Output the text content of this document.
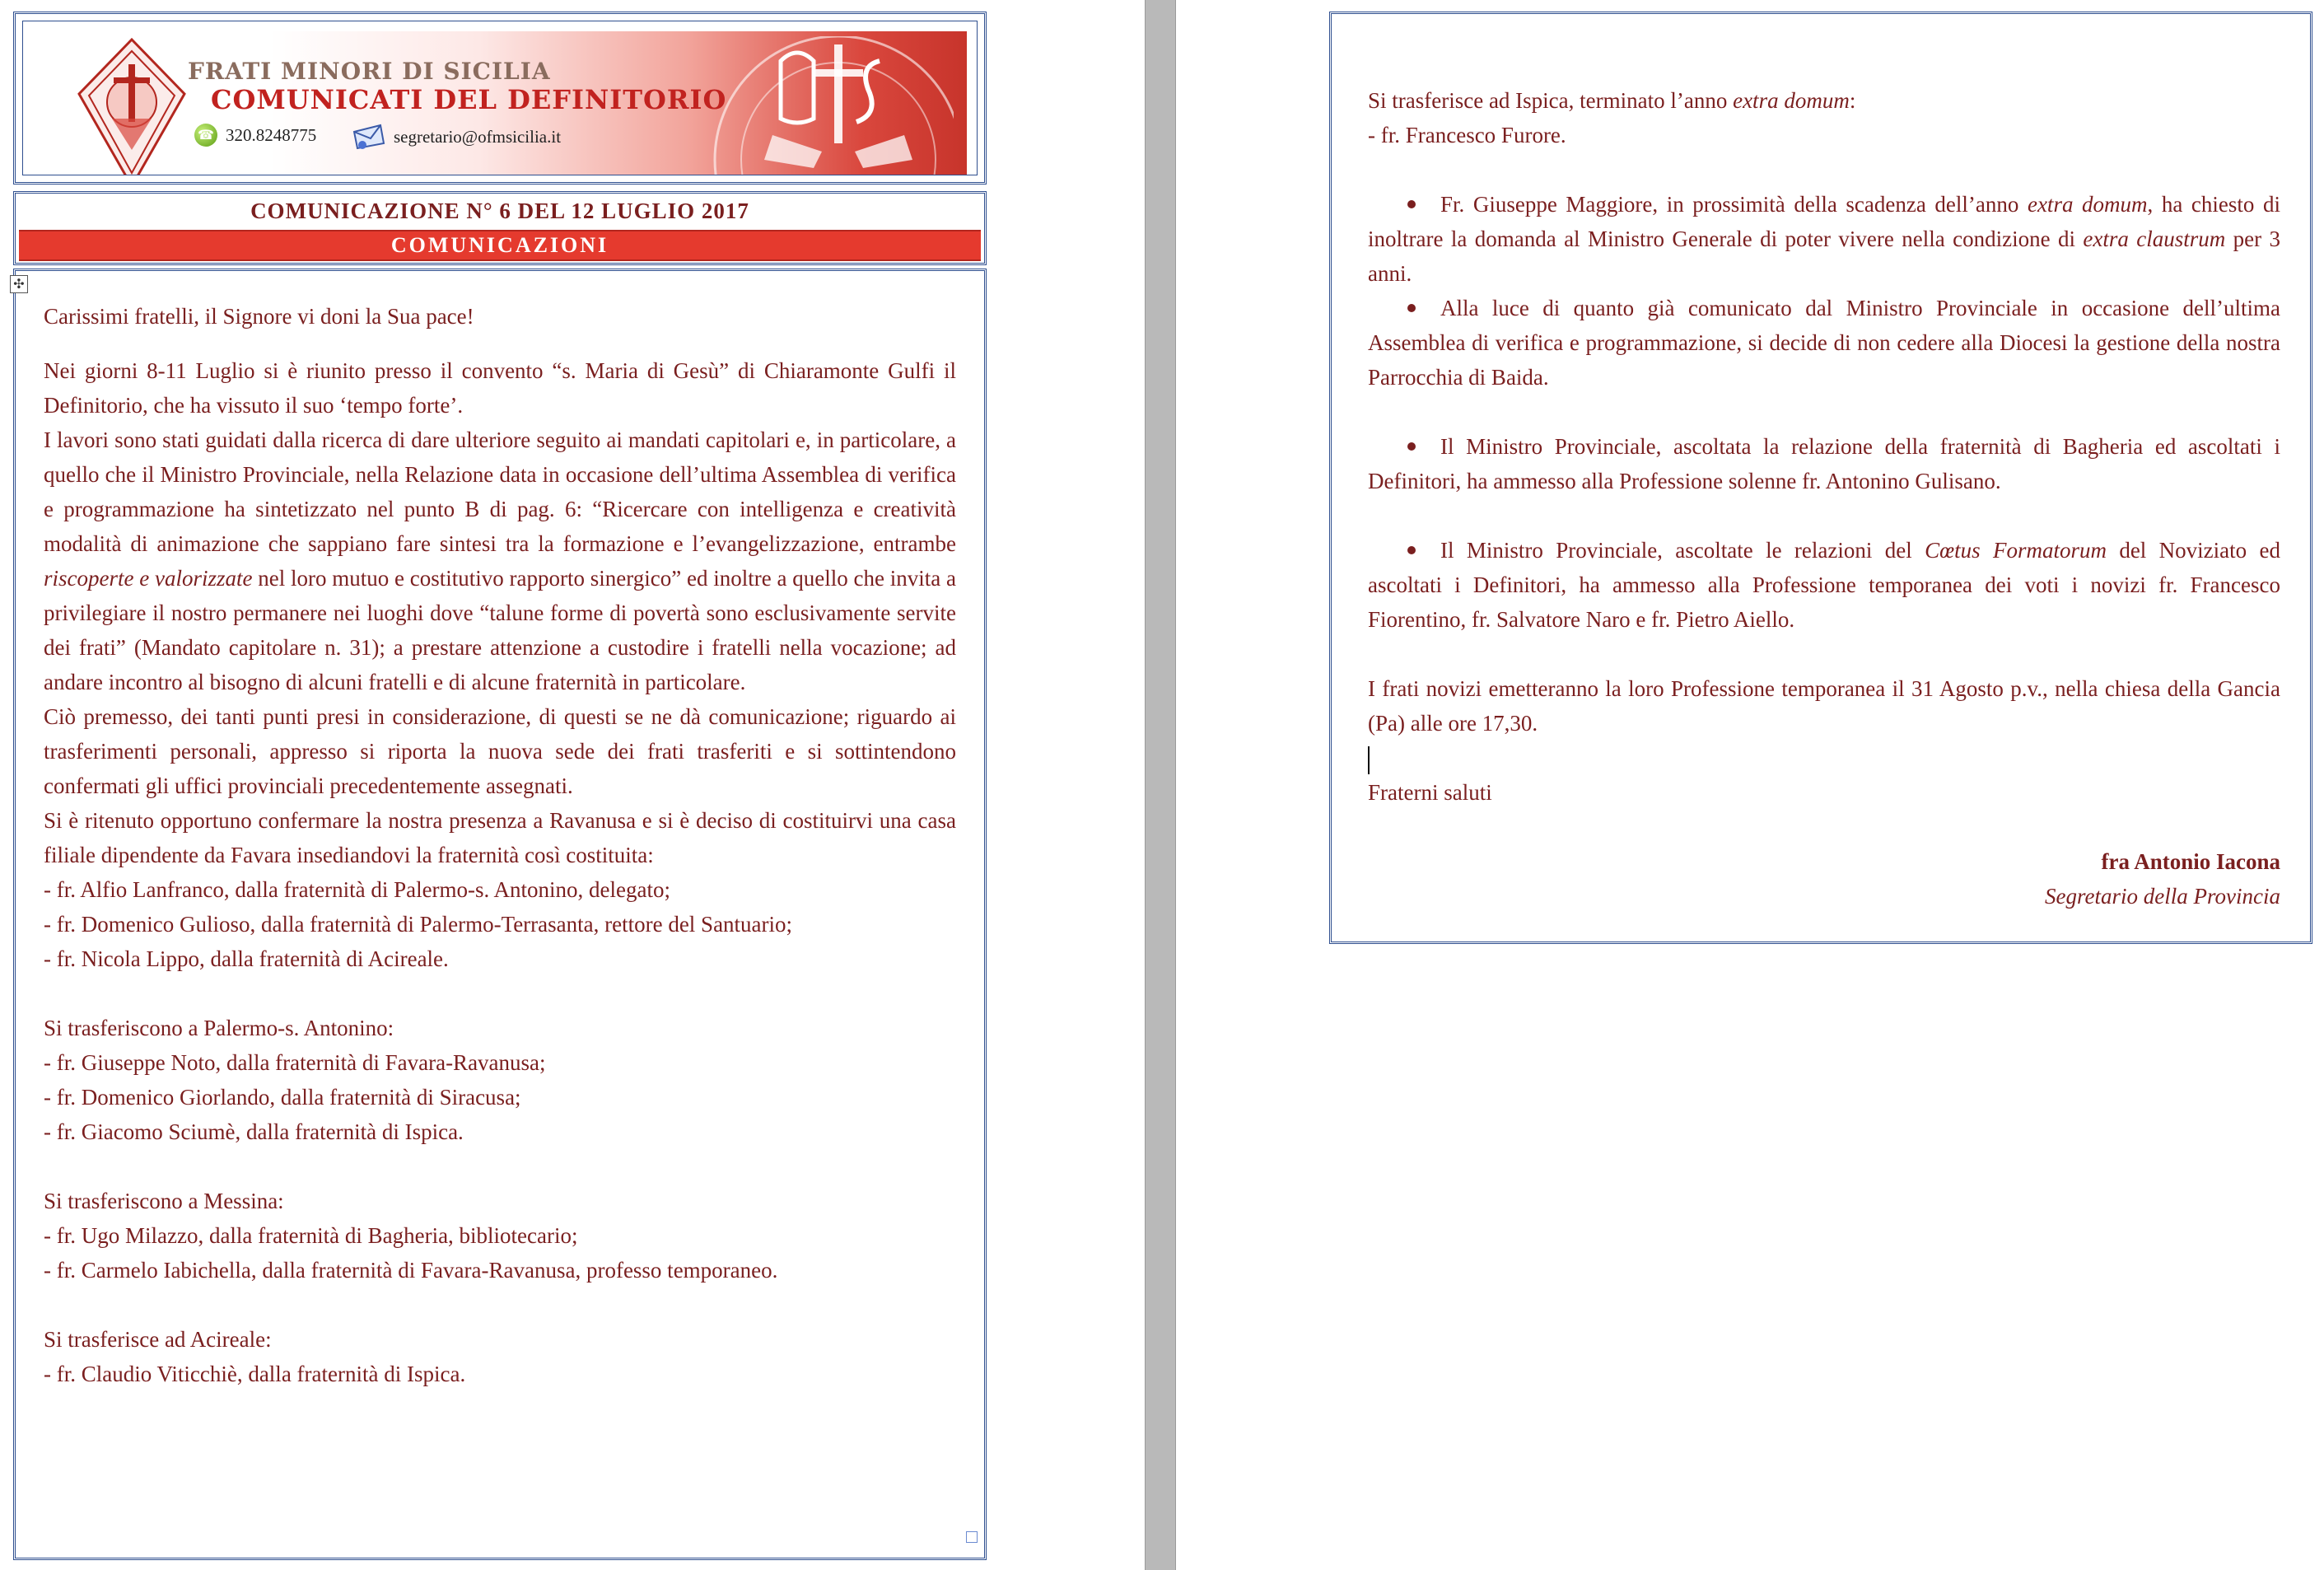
FRATI MINORI DI SICILIA
COMUNICATI DEL DEFINITORIO
☎ 320.8248775	segretario@ofmsicilia.it
COMUNICAZIONE N° 6 DEL 12 LUGLIO 2017
COMUNICAZIONI

Carissimi fratelli, il Signore vi doni la Sua pace!

Nei giorni 8-11 Luglio si è riunito presso il convento “s. Maria di Gesù” di Chiaramonte Gulfi il Definitorio, che ha vissuto il suo ‘tempo forte’.

I lavori sono stati guidati dalla ricerca di dare ulteriore seguito ai mandati capitolari e, in particolare, a quello che il Ministro Provinciale, nella Relazione data in occasione dell’ultima Assemblea di verifica e programmazione ha sintetizzato nel punto B di pag. 6: “Ricercare con intelligenza e creatività modalità di animazione che sappiano fare sintesi tra la formazione e l’evangelizzazione, entrambe riscoperte e valorizzate nel loro mutuo e costitutivo rapporto sinergico” ed inoltre a quello che invita a privilegiare il nostro permanere nei luoghi dove “talune forme di povertà sono esclusivamente servite dei frati” (Mandato capitolare n. 31); a prestare attenzione a custodire i fratelli nella vocazione; ad andare incontro al bisogno di alcuni fratelli e di alcune fraternità in particolare.

Ciò premesso, dei tanti punti presi in considerazione, di questi se ne dà comunicazione; riguardo ai trasferimenti personali, appresso si riporta la nuova sede dei frati trasferiti e si sottintendono confermati gli uffici provinciali precedentemente assegnati.

Si è ritenuto opportuno confermare la nostra presenza a Ravanusa e si è deciso di costituirvi una casa filiale dipendente da Favara insediandovi la fraternità così costituita:

- fr. Alfio Lanfranco, dalla fraternità di Palermo-s. Antonino, delegato;

- fr. Domenico Gulioso, dalla fraternità di Palermo-Terrasanta, rettore del Santuario;

- fr. Nicola Lippo, dalla fraternità di Acireale.

Si trasferiscono a Palermo-s. Antonino:

- fr. Giuseppe Noto, dalla fraternità di Favara-Ravanusa;

- fr. Domenico Giorlando, dalla fraternità di Siracusa;

- fr. Giacomo Sciumè, dalla fraternità di Ispica.

Si trasferiscono a Messina:

- fr. Ugo Milazzo, dalla fraternità di Bagheria, bibliotecario;

- fr. Carmelo Iabichella, dalla fraternità di Favara-Ravanusa, professo temporaneo.

Si trasferisce ad Acireale:

- fr. Claudio Viticchiè, dalla fraternità di Ispica.

✣

Si trasferisce ad Ispica, terminato l’anno extra domum:

- fr. Francesco Furore.

Fr. Giuseppe Maggiore, in prossimità della scadenza dell’anno extra domum, ha chiesto di inoltrare la domanda al Ministro Generale di poter vivere nella condizione di extra claustrum per 3 anni.

Alla luce di quanto già comunicato dal Ministro Provinciale in occasione dell’ultima Assemblea di verifica e programmazione, si decide di non cedere alla Diocesi la gestione della nostra Parrocchia di Baida.

Il Ministro Provinciale, ascoltata la relazione della fraternità di Bagheria ed ascoltati i Definitori, ha ammesso alla Professione solenne fr. Antonino Gulisano.

Il Ministro Provinciale, ascoltate le relazioni del Cœtus Formatorum del Noviziato ed ascoltati i Definitori, ha ammesso alla Professione temporanea dei voti i novizi fr. Francesco Fiorentino, fr. Salvatore Naro e fr. Pietro Aiello.

I frati novizi emetteranno la loro Professione temporanea il 31 Agosto p.v., nella chiesa della Gancia (Pa) alle ore 17,30.

Fraterni saluti

fra Antonio Iacona

Segretario della Provincia
